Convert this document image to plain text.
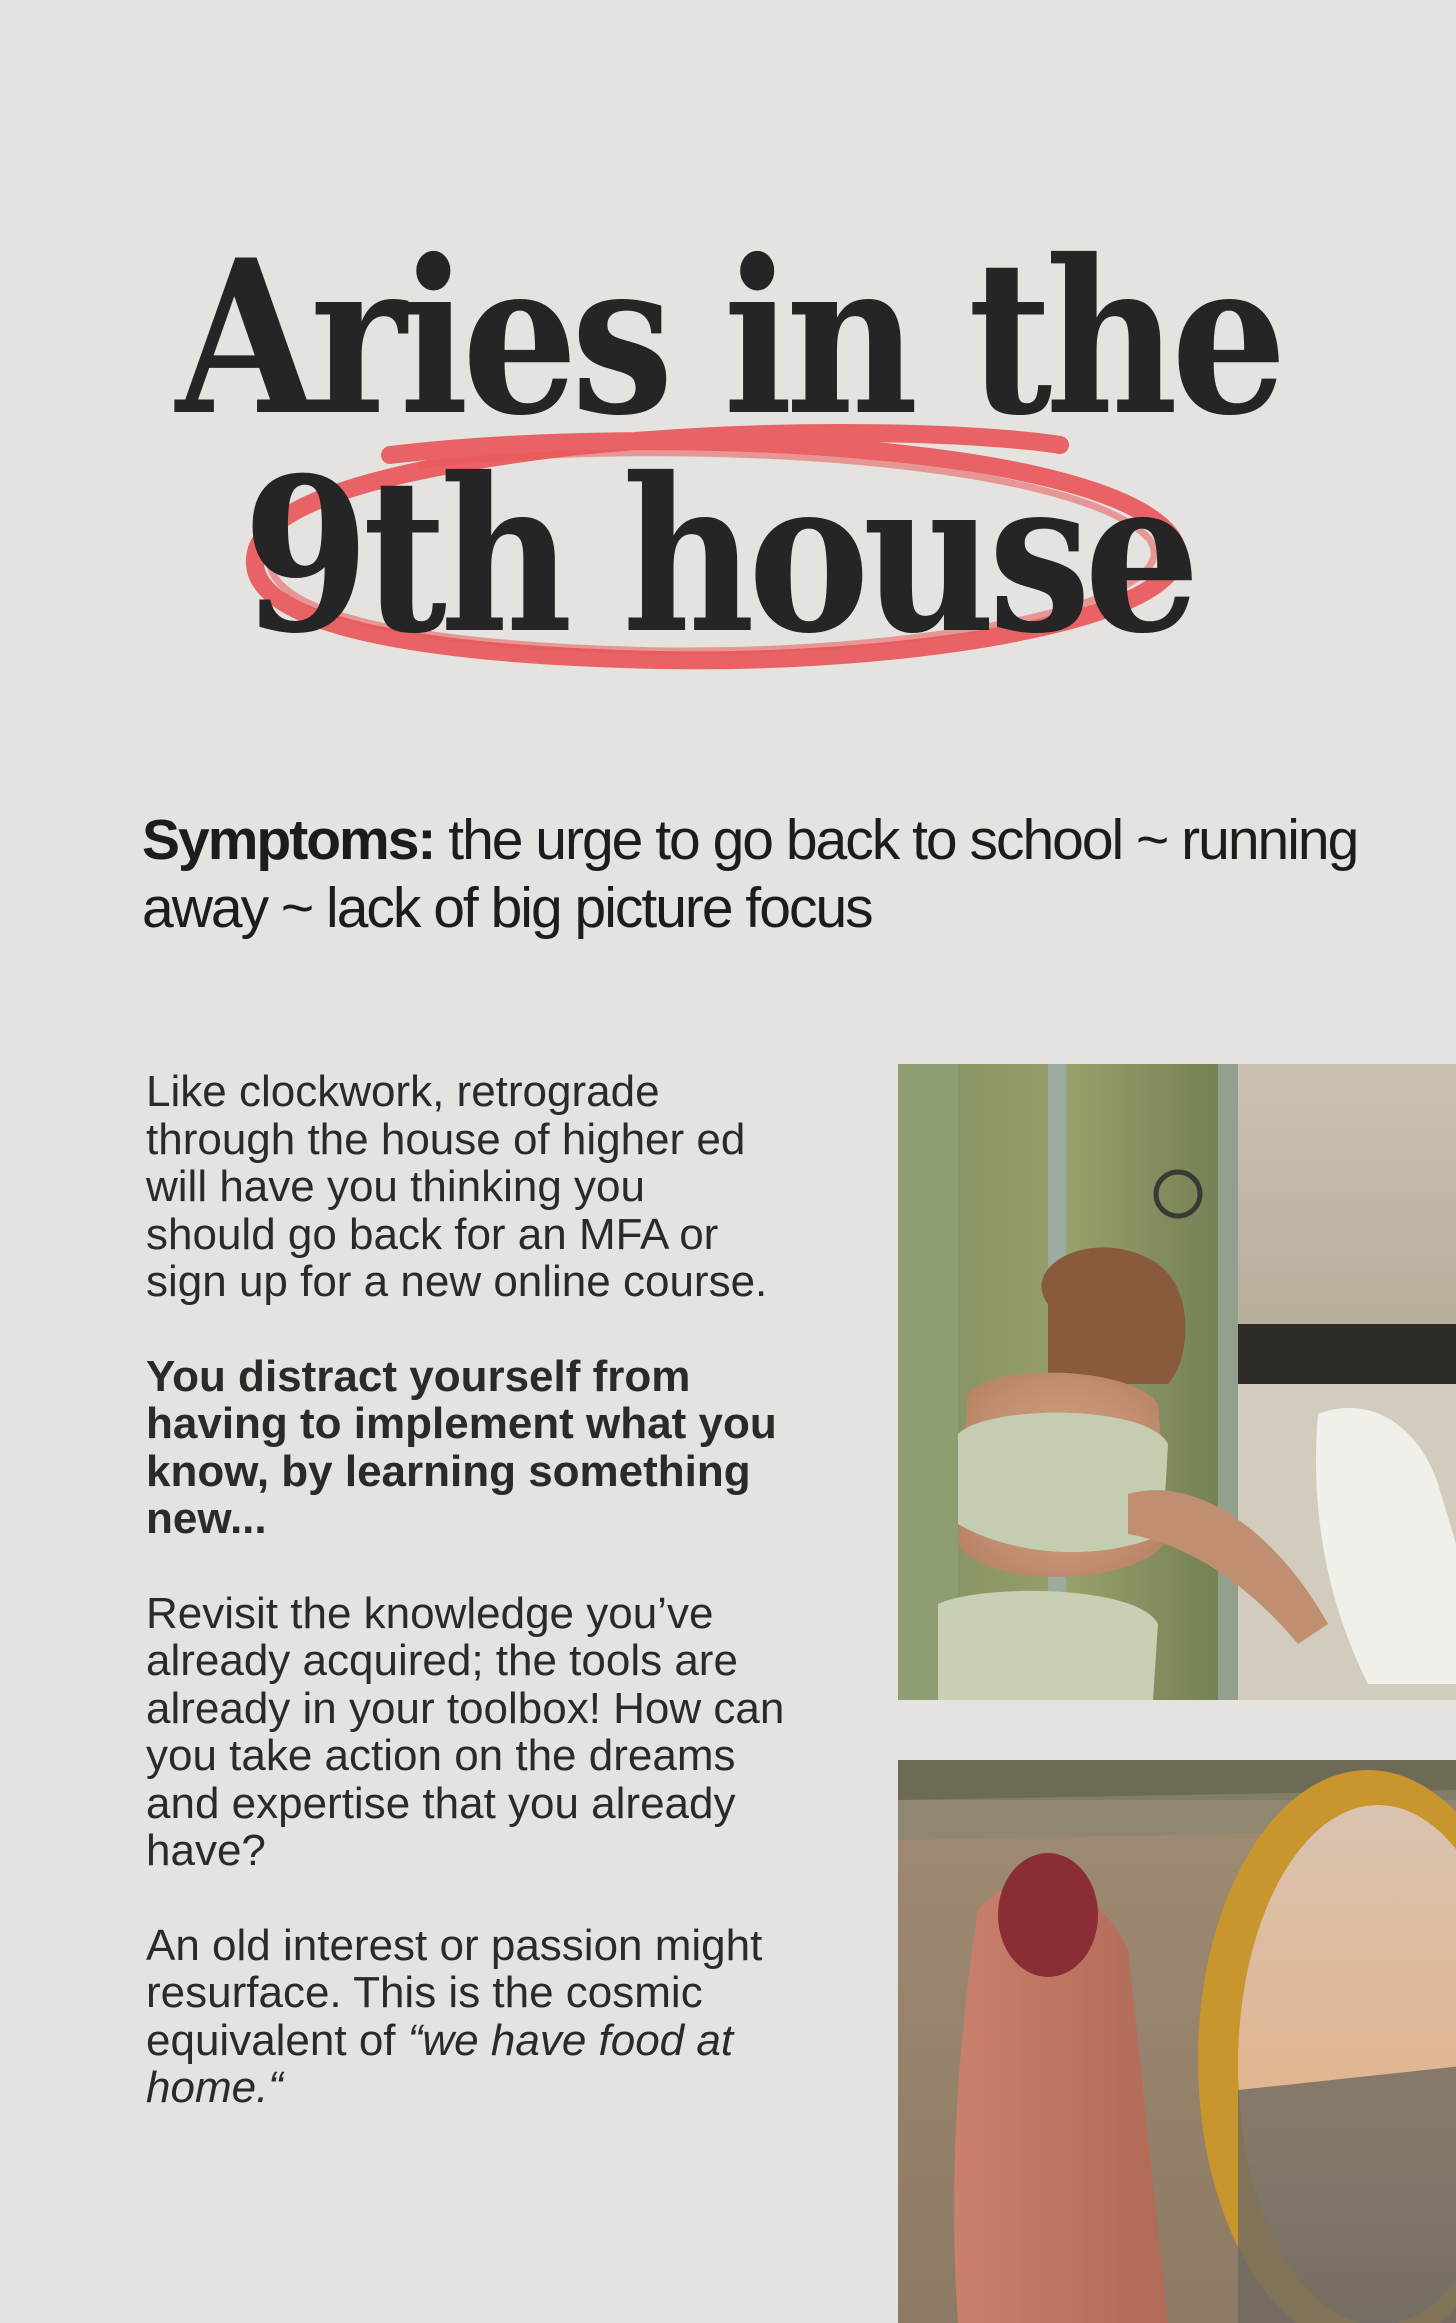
Aries in the
9th house

Symptoms: the urge to go back to school ~ running away ~ lack of big picture focus

Like clockwork, retrograde through the house of higher ed will have you thinking you should go back for an MFA or sign up for a new online course.

You distract yourself from having to implement what you know, by learning something new...

Revisit the knowledge you’ve already acquired; the tools are already in your toolbox! How can you take action on the dreams and expertise that you already have?

An old interest or passion might resurface. This is the cosmic equivalent of “we have food at home.“
